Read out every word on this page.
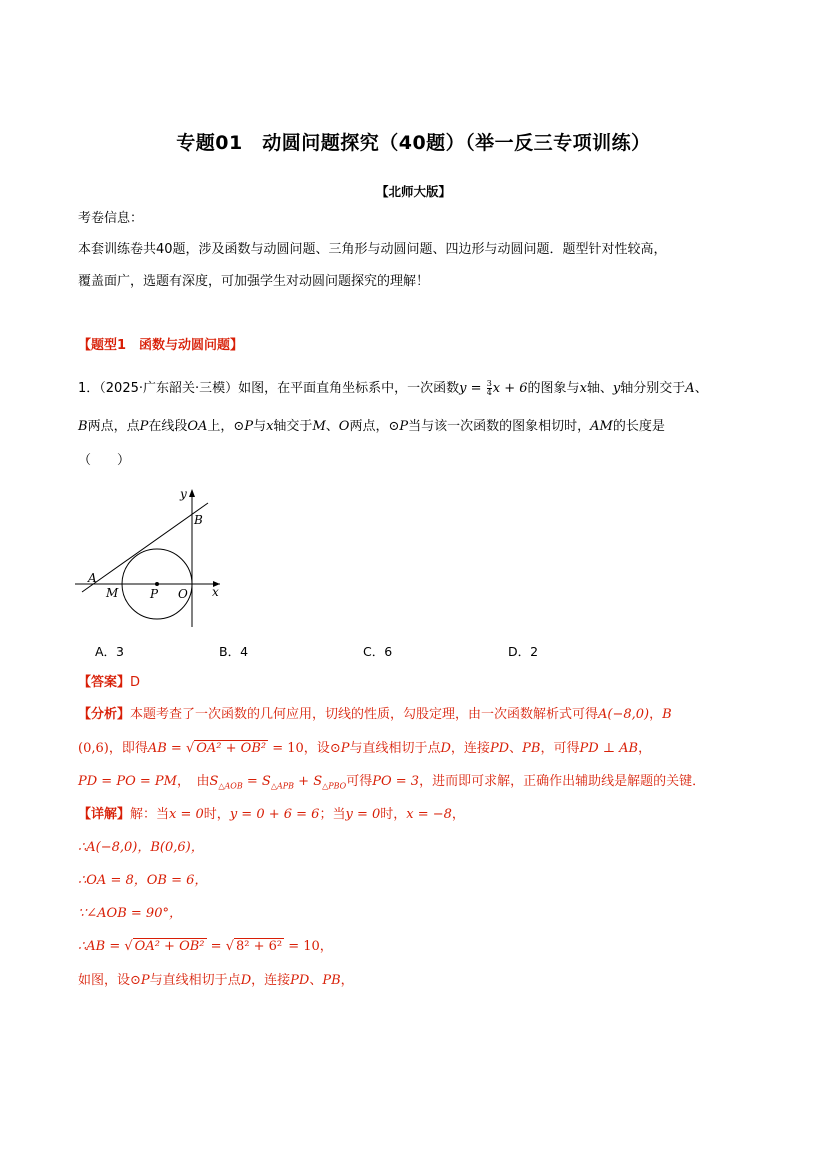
专题01　动圆问题探究（40题）（举一反三专项训练）
【北师大版】
考卷信息：
本套训练卷共40题，涉及函数与动圆问题、三角形与动圆问题、四边形与动圆问题．题型针对性较高，
覆盖面广，选题有深度，可加强学生对动圆问题探究的理解！
【题型1　函数与动圆问题】
1．（2025·广东韶关·三模）如图，在平面直角坐标系中，一次函数$y = \frac{3}{4}$ x + 6的图象与x轴、y轴分别交于A、
B两点，点P在线段OA上，⊙P与x轴交于M、O两点，⊙P当与该一次函数的图象相切时，AM的长度是
（　　）
y
x
B
A
M	P O
A．3	B．4	C．6	D．2
【答案】D
【分析】本题考查了一次函数的几何应用，切线的性质，勾股定理，由一次函数解析式可得A(−8,0)，B
(0,6)，即得AB = √ OA² + OB² = 10，设⊙P与直线相切于点D，连接PD、PB，可得PD ⊥ AB，
PD = PO = PM，　由$S_{\triangle AOB} = S_{\triangle APB} + S_{\triangle PBO}$可得PO = 3，进而即可求解，正确作出辅助线是解题的关键．
【详解】解：当x = 0时，y = 0 + 6 = 6；当y = 0时，x = −8，
∴A(−8,0)，B(0,6)，
∴OA = 8，OB = 6，
∵∠AOB = 90°，
∴AB = √ OA² + OB² = √ 8² + 6² = 10，
如图，设⊙P与直线相切于点D，连接PD、PB，
